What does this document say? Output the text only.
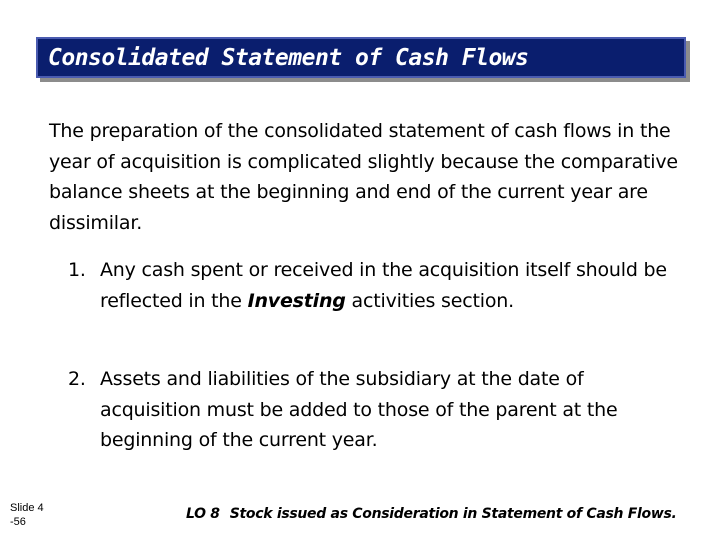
Consolidated Statement of Cash Flows
The preparation of the consolidated statement of cash flows in the year of acquisition is complicated slightly because the comparative balance sheets at the beginning and end of the current year are dissimilar.
1. Any cash spent or received in the acquisition itself should be reflected in the Investing activities section.
2. Assets and liabilities of the subsidiary at the date of acquisition must be added to those of the parent at the beginning of the current year.
Slide 4
-56	LO 8 Stock issued as Consideration in Statement of Cash Flows.
